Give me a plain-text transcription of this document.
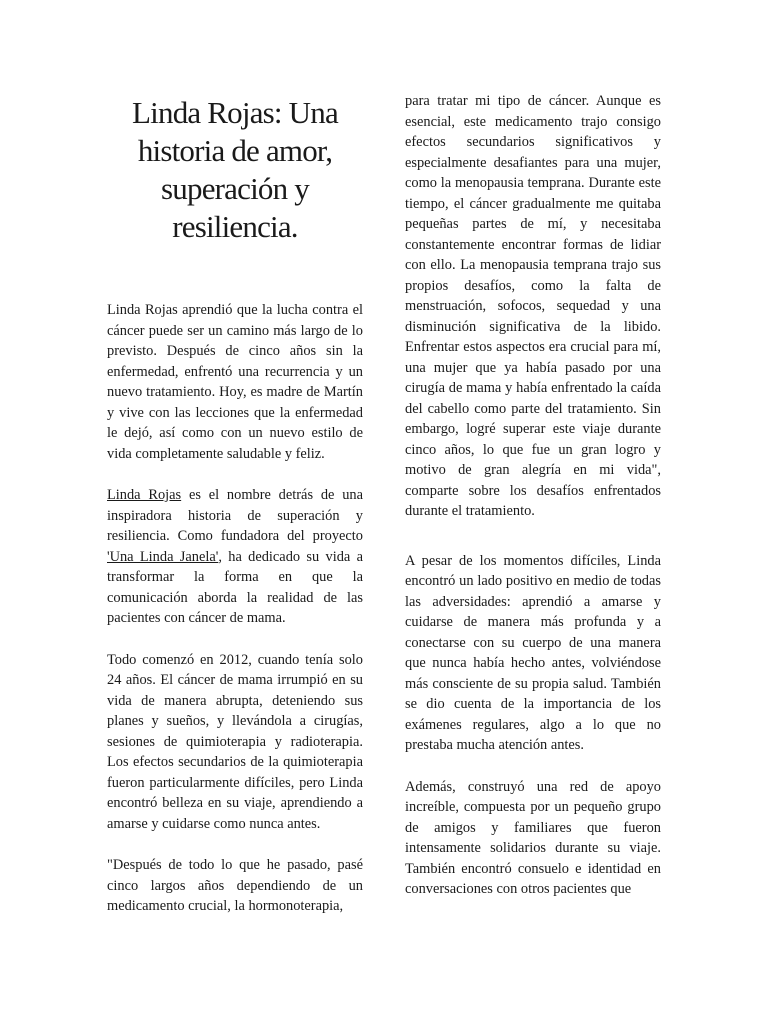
Linda Rojas: Una historia de amor, superación y resiliencia.

Linda Rojas aprendió que la lucha contra el cáncer puede ser un camino más largo de lo previsto. Después de cinco años sin la enfermedad, enfrentó una recurrencia y un nuevo tratamiento. Hoy, es madre de Martín y vive con las lecciones que la enfermedad le dejó, así como con un nuevo estilo de vida completamente saludable y feliz.

Linda Rojas es el nombre detrás de una inspiradora historia de superación y resiliencia. Como fundadora del proyecto 'Una Linda Janela', ha dedicado su vida a transformar la forma en que la comunicación aborda la realidad de las pacientes con cáncer de mama.

Todo comenzó en 2012, cuando tenía solo 24 años. El cáncer de mama irrumpió en su vida de manera abrupta, deteniendo sus planes y sueños, y llevándola a cirugías, sesiones de quimioterapia y radioterapia. Los efectos secundarios de la quimioterapia fueron particularmente difíciles, pero Linda encontró belleza en su viaje, aprendiendo a amarse y cuidarse como nunca antes.

"Después de todo lo que he pasado, pasé cinco largos años dependiendo de un medicamento crucial, la hormonoterapia,

para tratar mi tipo de cáncer. Aunque es esencial, este medicamento trajo consigo efectos secundarios significativos y especialmente desafiantes para una mujer, como la menopausia temprana. Durante este tiempo, el cáncer gradualmente me quitaba pequeñas partes de mí, y necesitaba constantemente encontrar formas de lidiar con ello. La menopausia temprana trajo sus propios desafíos, como la falta de menstruación, sofocos, sequedad y una disminución significativa de la libido. Enfrentar estos aspectos era crucial para mí, una mujer que ya había pasado por una cirugía de mama y había enfrentado la caída del cabello como parte del tratamiento. Sin embargo, logré superar este viaje durante cinco años, lo que fue un gran logro y motivo de gran alegría en mi vida", comparte sobre los desafíos enfrentados durante el tratamiento.

A pesar de los momentos difíciles, Linda encontró un lado positivo en medio de todas las adversidades: aprendió a amarse y cuidarse de manera más profunda y a conectarse con su cuerpo de una manera que nunca había hecho antes, volviéndose más consciente de su propia salud. También se dio cuenta de la importancia de los exámenes regulares, algo a lo que no prestaba mucha atención antes.

Además, construyó una red de apoyo increíble, compuesta por un pequeño grupo de amigos y familiares que fueron intensamente solidarios durante su viaje. También encontró consuelo e identidad en conversaciones con otros pacientes que
